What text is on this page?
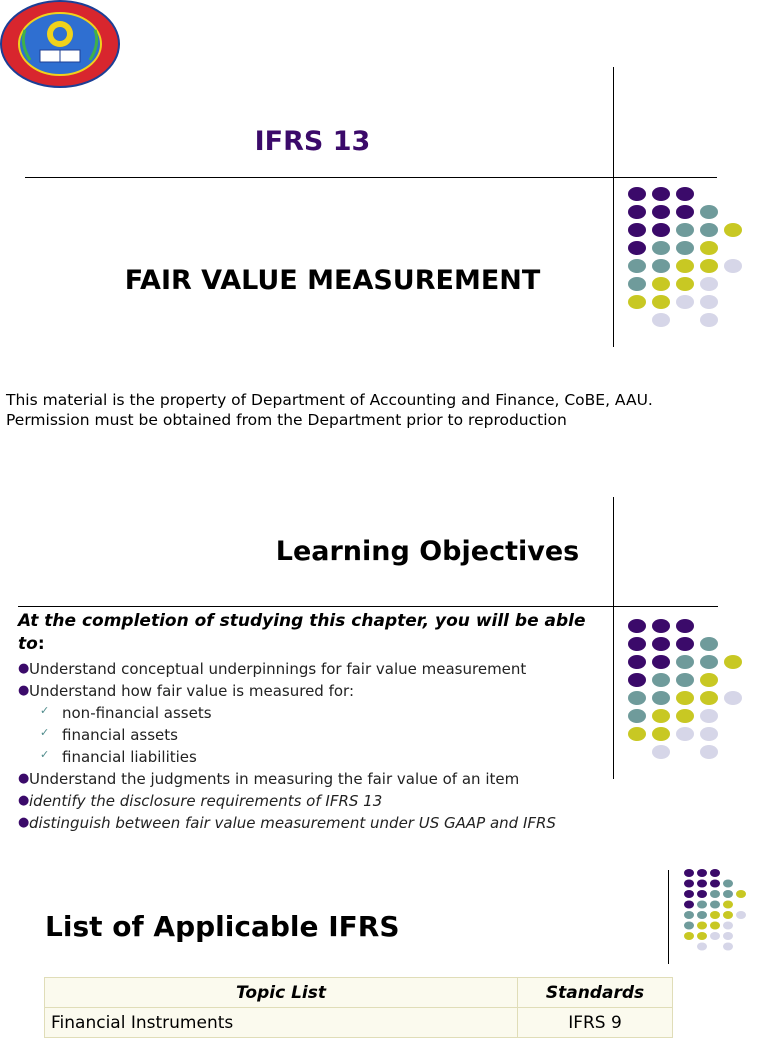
IFRS 13
FAIR VALUE MEASUREMENT
This material is the property of Department of Accounting and Finance, CoBE, AAU.
Permission must be obtained from the Department prior to reproduction
Learning Objectives
At the completion of studying this chapter, you will be able to:
● Understand conceptual underpinnings for fair value measurement
● Understand how fair value is measured for:
✓ non-financial assets
✓ financial assets
✓ financial liabilities
● Understand the judgments in measuring the fair value of an item
● identify the disclosure requirements of IFRS 13
● distinguish between fair value measurement under US GAAP and IFRS
List of Applicable IFRS
Topic List	Standards
Financial Instruments	IFRS 9
